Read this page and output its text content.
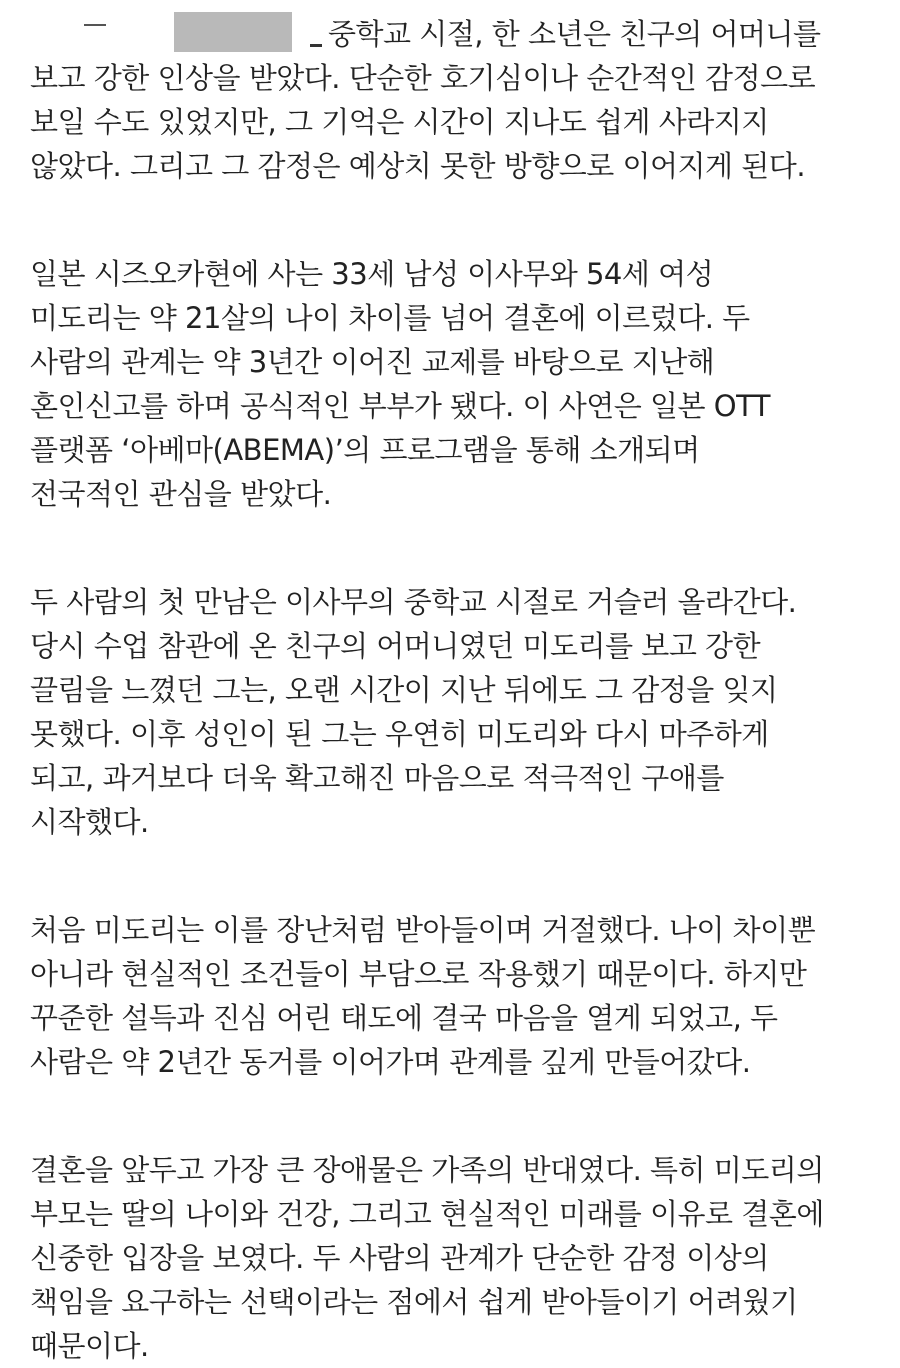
중학교 시절, 한 소년은 친구의 어머니를
보고 강한 인상을 받았다. 단순한 호기심이나 순간적인 감정으로
보일 수도 있었지만, 그 기억은 시간이 지나도 쉽게 사라지지
않았다. 그리고 그 감정은 예상치 못한 방향으로 이어지게 된다.
일본 시즈오카현에 사는 33세 남성 이사무와 54세 여성
미도리는 약 21살의 나이 차이를 넘어 결혼에 이르렀다. 두
사람의 관계는 약 3년간 이어진 교제를 바탕으로 지난해
혼인신고를 하며 공식적인 부부가 됐다. 이 사연은 일본 OTT
플랫폼 ‘아베마(ABEMA)’의 프로그램을 통해 소개되며
전국적인 관심을 받았다.
두 사람의 첫 만남은 이사무의 중학교 시절로 거슬러 올라간다.
당시 수업 참관에 온 친구의 어머니였던 미도리를 보고 강한
끌림을 느꼈던 그는, 오랜 시간이 지난 뒤에도 그 감정을 잊지
못했다. 이후 성인이 된 그는 우연히 미도리와 다시 마주하게
되고, 과거보다 더욱 확고해진 마음으로 적극적인 구애를
시작했다.
처음 미도리는 이를 장난처럼 받아들이며 거절했다. 나이 차이뿐
아니라 현실적인 조건들이 부담으로 작용했기 때문이다. 하지만
꾸준한 설득과 진심 어린 태도에 결국 마음을 열게 되었고, 두
사람은 약 2년간 동거를 이어가며 관계를 깊게 만들어갔다.
결혼을 앞두고 가장 큰 장애물은 가족의 반대였다. 특히 미도리의
부모는 딸의 나이와 건강, 그리고 현실적인 미래를 이유로 결혼에
신중한 입장을 보였다. 두 사람의 관계가 단순한 감정 이상의
책임을 요구하는 선택이라는 점에서 쉽게 받아들이기 어려웠기
때문이다.
